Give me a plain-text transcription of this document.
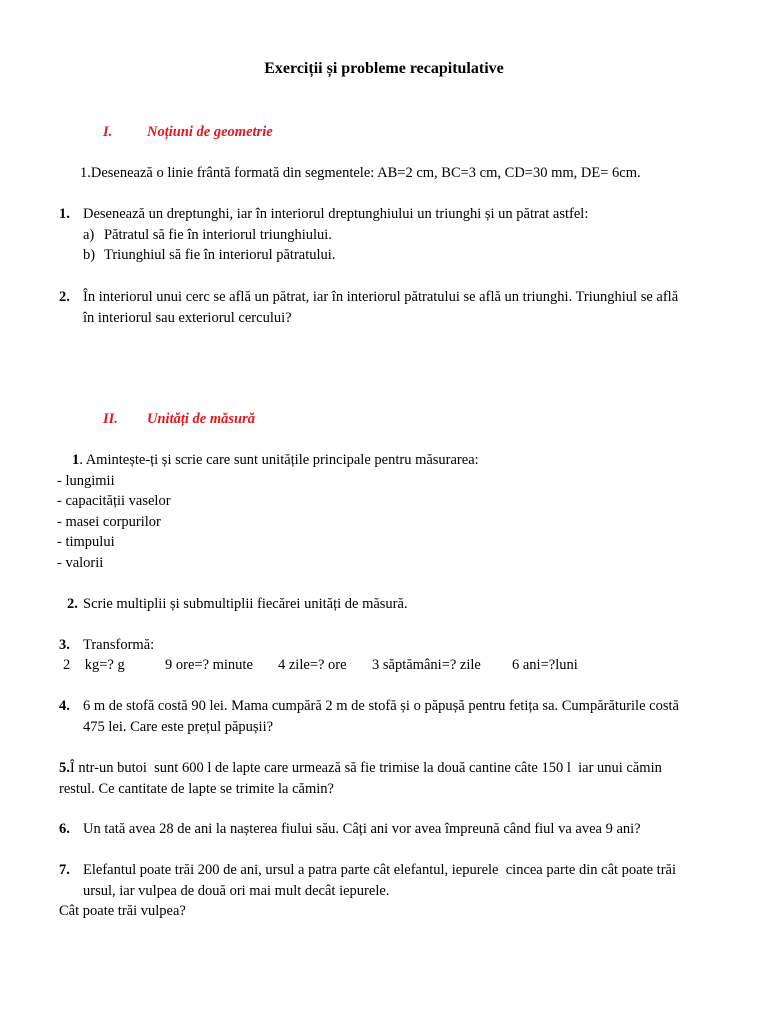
Exerciții și probleme recapitulative
I. Noțiuni de geometrie
1.Desenează o linie frântă formată din segmentele: AB=2 cm, BC=3 cm, CD=30 mm, DE= 6cm.
1. Desenează un dreptunghi, iar în interiorul dreptunghiului un triunghi și un pătrat astfel:
a) Pătratul să fie în interiorul triunghiului.
b) Triunghiul să fie în interiorul pătratului.
2. În interiorul unui cerc se află un pătrat, iar în interiorul pătratului se află un triunghi. Triunghiul se află
în interiorul sau exteriorul cercului?
II. Unități de măsură
1. Amintește-ți și scrie care sunt unitățile principale pentru măsurarea:
- lungimii
- capacității vaselor
- masei corpurilor
- timpului
- valorii
2. Scrie multiplii și submultiplii fiecărei unități de măsură.
3. Transformă:
2    kg=? g	9 ore=? minute 4 zile=? ore 3 săptămâni=? zile 6 ani=?luni
4. 6 m de stofă costă 90 lei. Mama cumpără 2 m de stofă și o păpușă pentru fetița sa. Cumpărăturile costă
475 lei. Care este prețul păpușii?
5.Î ntr-un butoi  sunt 600 l de lapte care urmează să fie trimise la două cantine câte 150 l  iar unui cămin
restul. Ce cantitate de lapte se trimite la cămin?
6. Un tată avea 28 de ani la nașterea fiului său. Câți ani vor avea împreună când fiul va avea 9 ani?
7. Elefantul poate trăi 200 de ani, ursul a patra parte cât elefantul, iepurele  cincea parte din cât poate trăi
ursul, iar vulpea de două ori mai mult decât iepurele.
Cât poate trăi vulpea?
